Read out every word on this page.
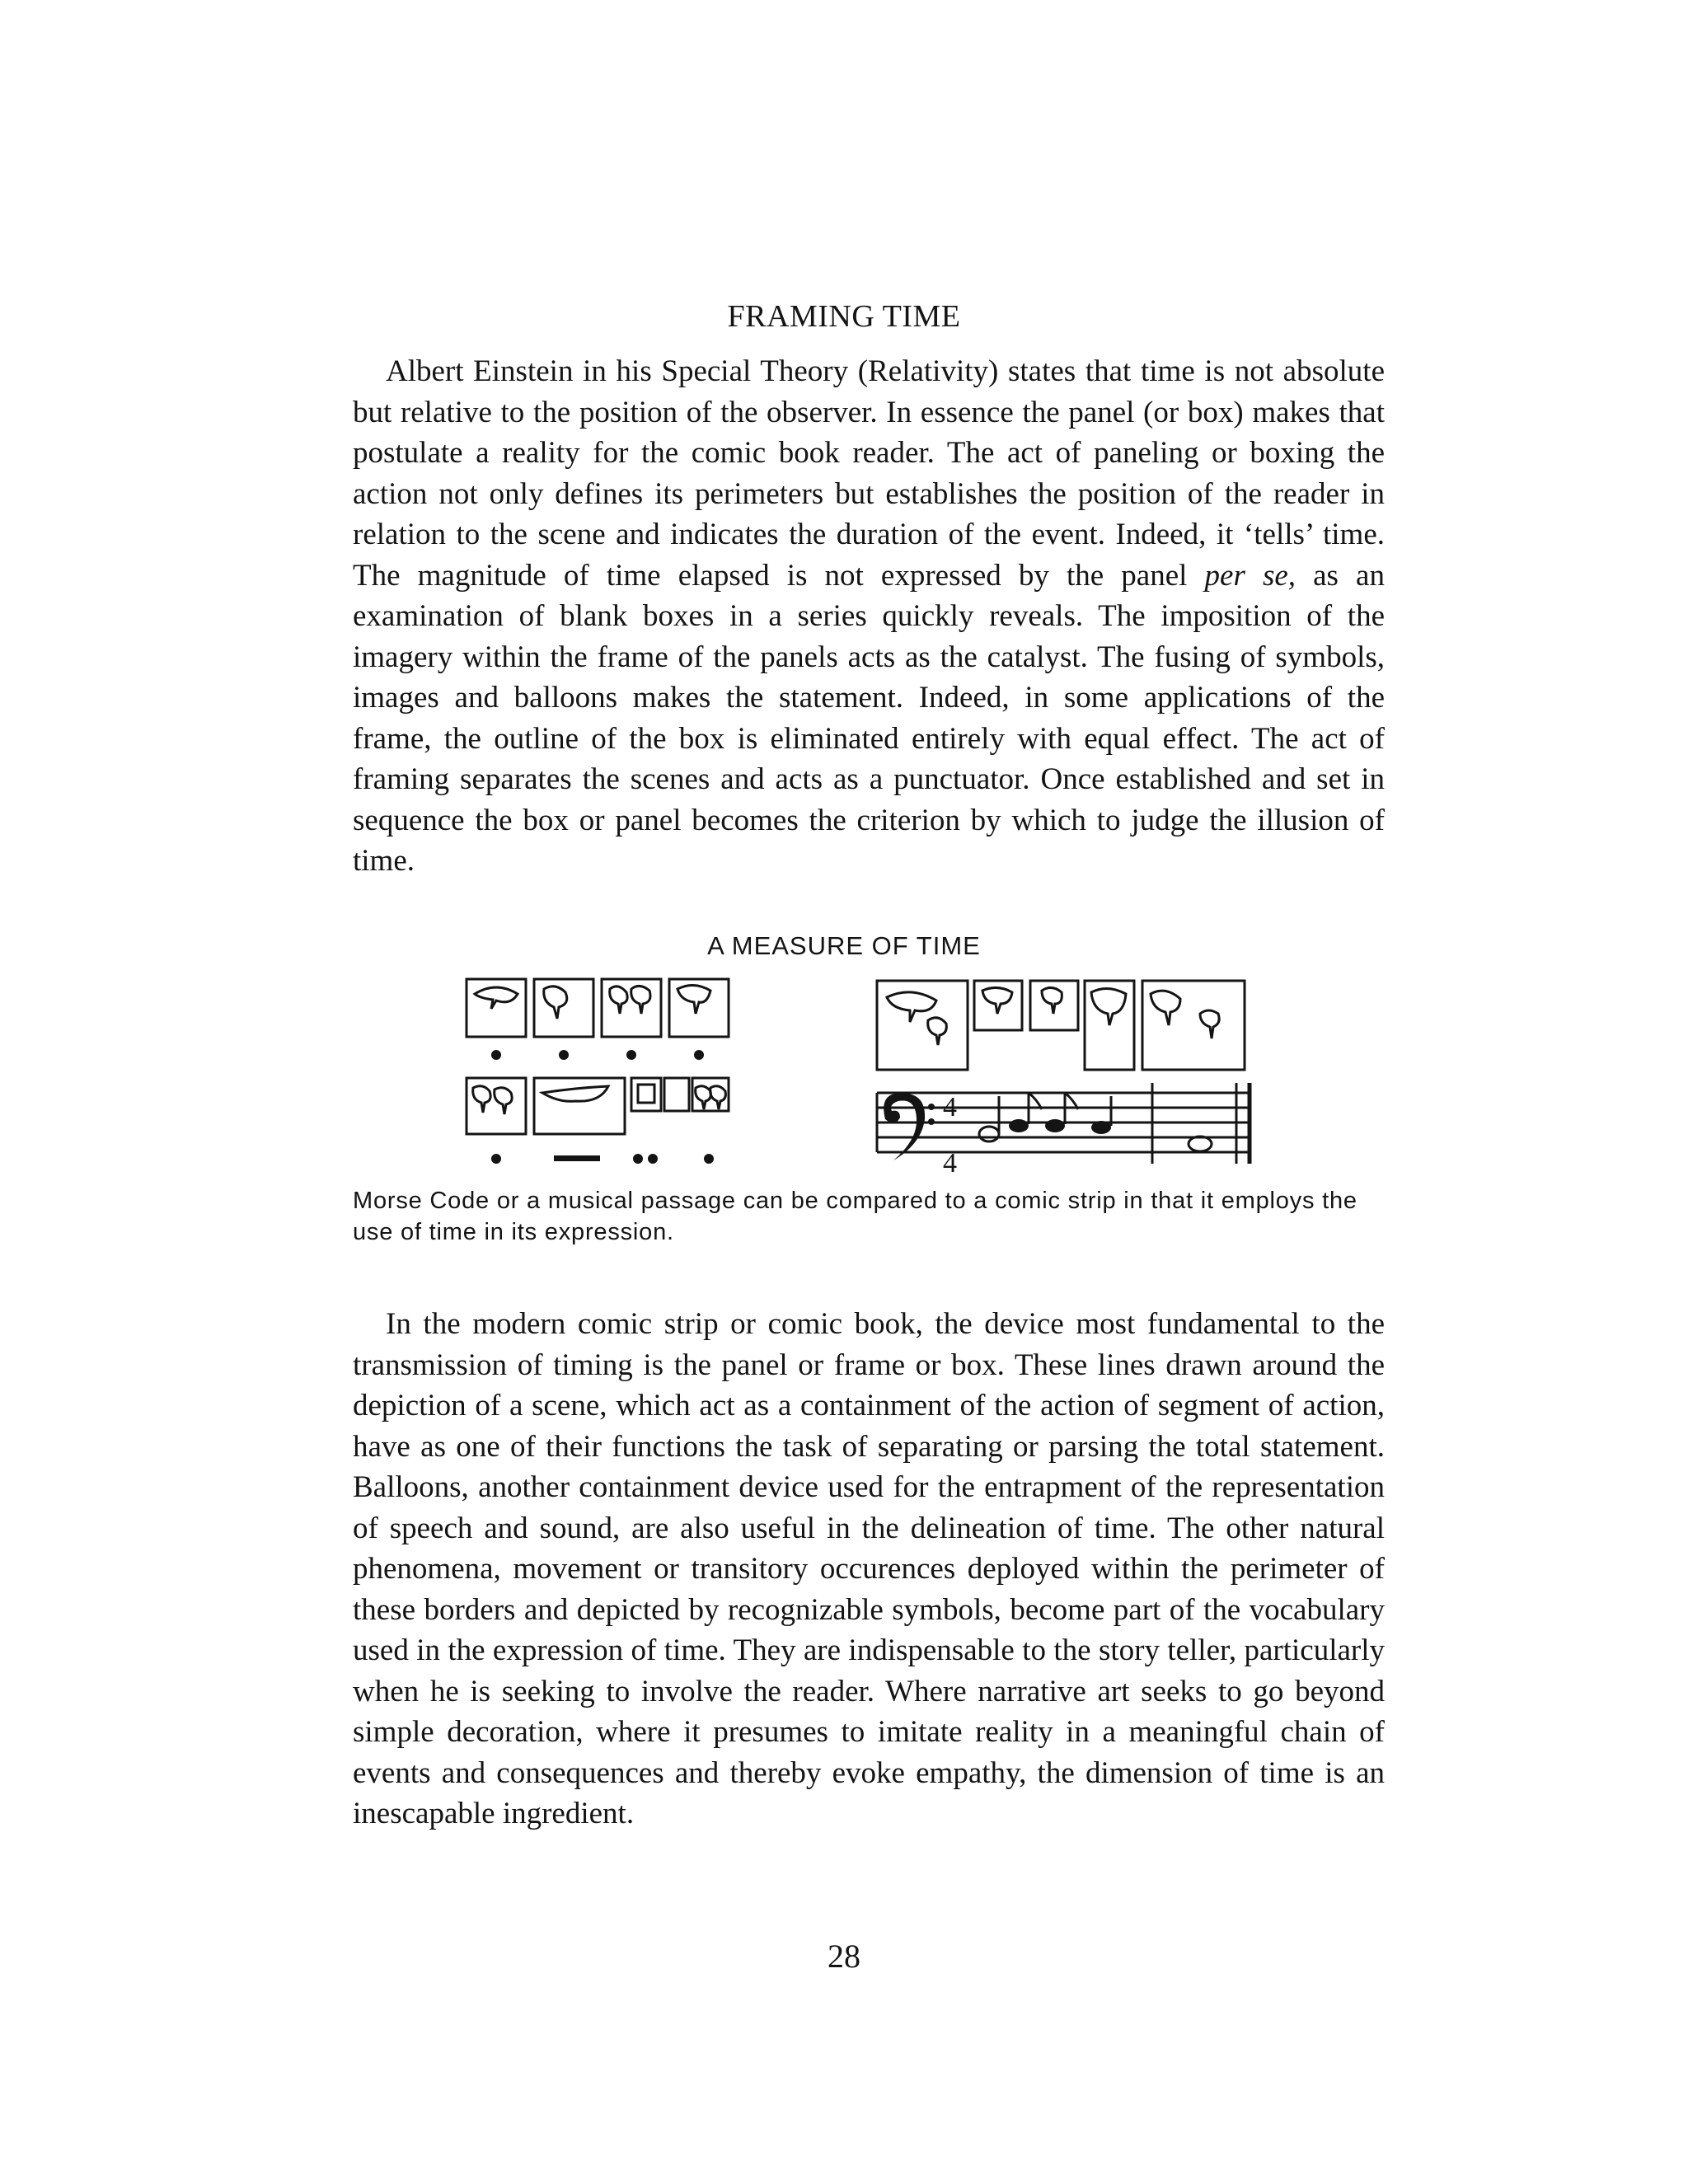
FRAMING TIME

Albert Einstein in his Special Theory (Relativity) states that time is not absolute but relative to the position of the observer. In essence the panel (or box) makes that postulate a reality for the comic book reader. The act of paneling or boxing the action not only defines its perimeters but establishes the position of the reader in relation to the scene and indicates the duration of the event. Indeed, it ‘tells’ time. The magnitude of time elapsed is not expressed by the panel per se, as an examination of blank boxes in a series quickly reveals. The imposition of the imagery within the frame of the panels acts as the catalyst. The fusing of symbols, images and balloons makes the statement. Indeed, in some applications of the frame, the outline of the box is eliminated entirely with equal effect. The act of framing separates the scenes and acts as a punctuator. Once established and set in sequence the box or panel becomes the criterion by which to judge the illusion of time.

A MEASURE OF TIME
4
4

Morse Code or a musical passage can be compared to a comic strip in that it employs the use of time in its expression.

In the modern comic strip or comic book, the device most fundamental to the transmission of timing is the panel or frame or box. These lines drawn around the depiction of a scene, which act as a containment of the action of segment of action, have as one of their functions the task of separating or parsing the total statement. Balloons, another containment device used for the entrapment of the representation of speech and sound, are also useful in the delineation of time. The other natural phenomena, movement or transitory occurences deployed within the perimeter of these borders and depicted by recognizable symbols, become part of the vocabulary used in the expression of time. They are indispensable to the story teller, particularly when he is seeking to involve the reader. Where narrative art seeks to go beyond simple decoration, where it presumes to imitate reality in a meaningful chain of events and consequences and thereby evoke empathy, the dimension of time is an inescapable ingredient.

28
